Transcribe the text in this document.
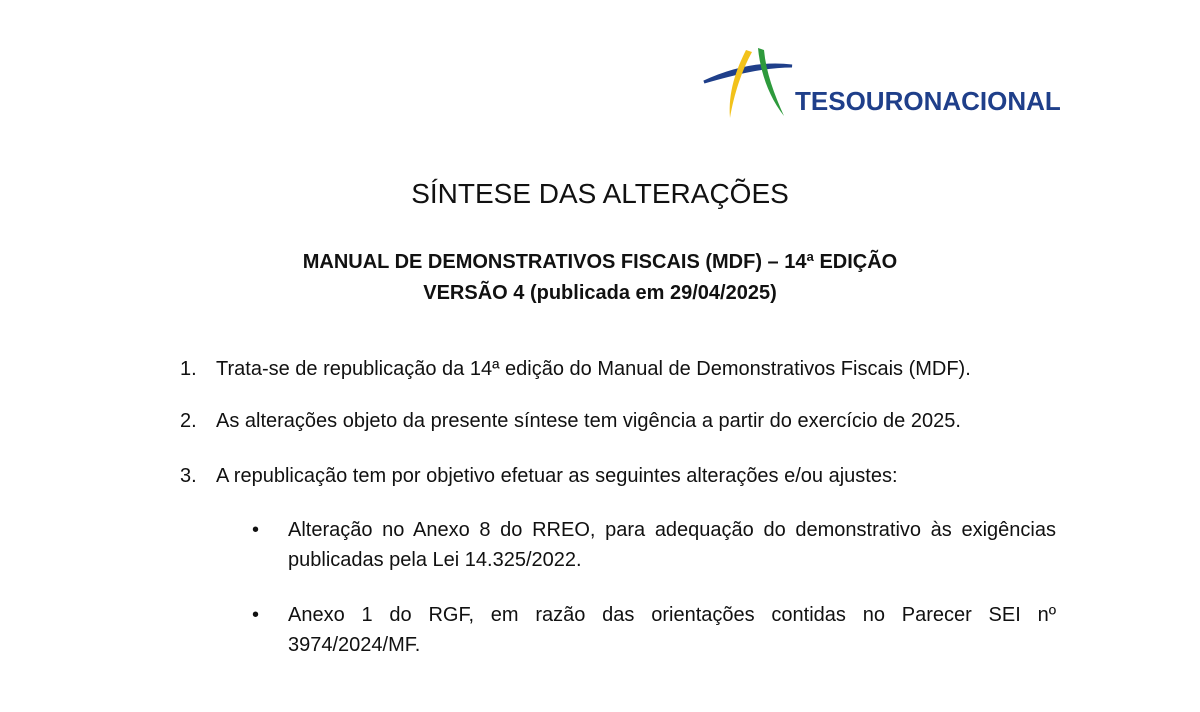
TESOURONACIONAL
SÍNTESE DAS ALTERAÇÕES
MANUAL DE DEMONSTRATIVOS FISCAIS (MDF) – 14ª EDIÇÃO
VERSÃO 4 (publicada em 29/04/2025)
1. Trata-se de republicação da 14ª edição do Manual de Demonstrativos Fiscais (MDF).
2. As alterações objeto da presente síntese tem vigência a partir do exercício de 2025.
3. A republicação tem por objetivo efetuar as seguintes alterações e/ou ajustes:
• Alteração no Anexo 8 do RREO, para adequação do demonstrativo às exigências publicadas pela Lei 14.325/2022.
• Anexo 1 do RGF, em razão das orientações contidas no Parecer SEI nº 3974/2024/MF.
